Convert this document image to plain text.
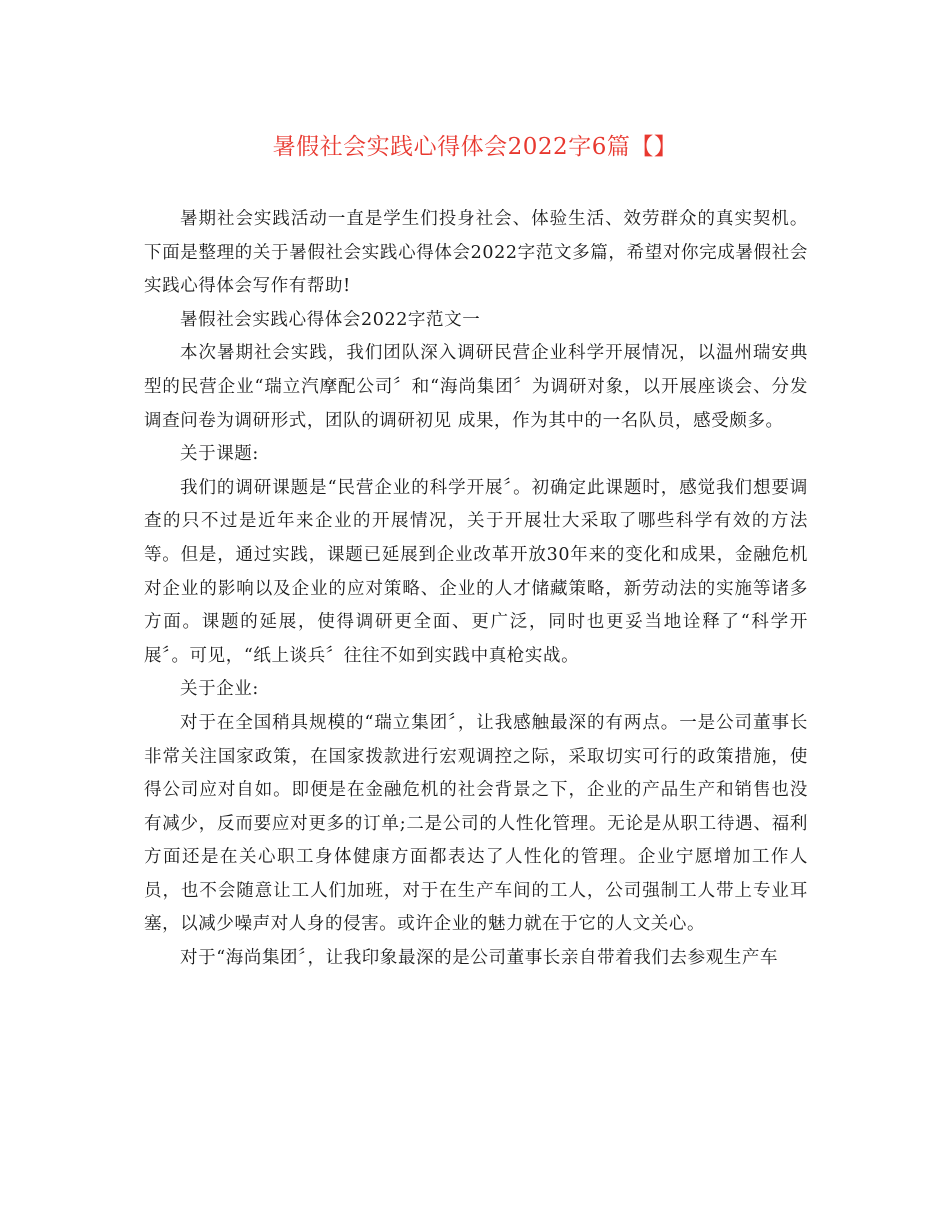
暑假社会实践心得体会2022字6篇【】

暑期社会实践活动一直是学生们投身社会、体验生活、效劳群众的真实契机。下面是整理的关于暑假社会实践心得体会2022字范文多篇，希望对你完成暑假社会实践心得体会写作有帮助!

暑假社会实践心得体会2022字范文一

本次暑期社会实践，我们团队深入调研民营企业科学开展情况，以温州瑞安典型的民营企业“瑞立汽摩配公司〞和“海尚集团〞为调研对象，以开展座谈会、分发调查问卷为调研形式，团队的调研初见 成果，作为其中的一名队员，感受颇多。

关于课题:

我们的调研课题是“民营企业的科学开展〞。初确定此课题时，感觉我们想要调查的只不过是近年来企业的开展情况，关于开展壮大采取了哪些科学有效的方法等。但是，通过实践，课题已延展到企业改革开放30年来的变化和成果，金融危机对企业的影响以及企业的应对策略、企业的人才储藏策略，新劳动法的实施等诸多方面。课题的延展，使得调研更全面、更广泛，同时也更妥当地诠释了“科学开展〞。可见，“纸上谈兵〞往往不如到实践中真枪实战。

关于企业:

对于在全国稍具规模的“瑞立集团〞，让我感触最深的有两点。一是公司董事长非常关注国家政策，在国家拨款进行宏观调控之际，采取切实可行的政策措施，使得公司应对自如。即便是在金融危机的社会背景之下，企业的产品生产和销售也没有减少，反而要应对更多的订单;二是公司的人性化管理。无论是从职工待遇、福利方面还是在关心职工身体健康方面都表达了人性化的管理。企业宁愿增加工作人员，也不会随意让工人们加班，对于在生产车间的工人，公司强制工人带上专业耳塞，以减少噪声对人身的侵害。或许企业的魅力就在于它的人文关心。

对于“海尚集团〞，让我印象最深的是公司董事长亲自带着我们去参观生产车
